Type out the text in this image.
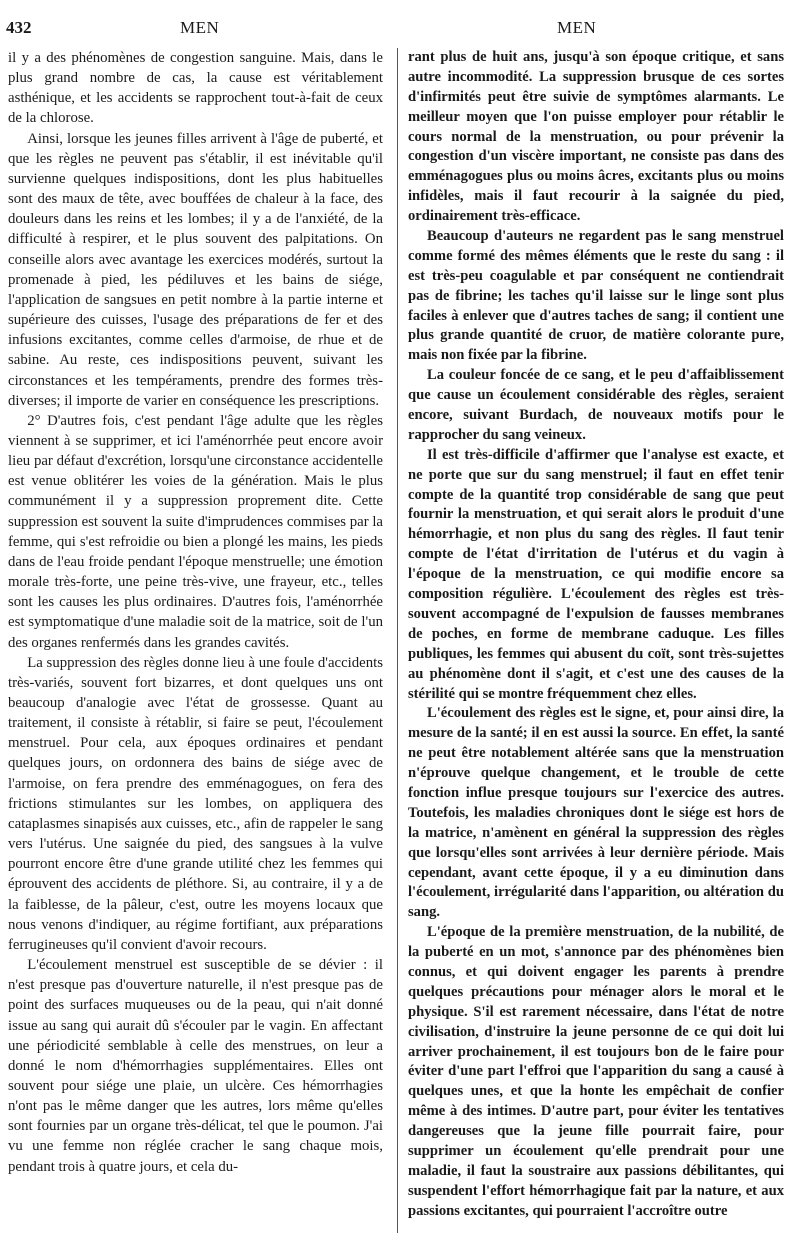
432	MEN	MEN

il y a des phénomènes de congestion sanguine. Mais, dans le plus grand nombre de cas, la cause est véritablement asthénique, et les accidents se rapprochent tout-à-fait de ceux de la chlorose.

Ainsi, lorsque les jeunes filles arrivent à l'âge de puberté, et que les règles ne peuvent pas s'établir, il est inévitable qu'il survienne quelques indispositions, dont les plus habituelles sont des maux de tête, avec bouffées de chaleur à la face, des douleurs dans les reins et les lombes; il y a de l'anxiété, de la difficulté à respirer, et le plus souvent des palpitations. On conseille alors avec avantage les exercices modérés, surtout la promenade à pied, les pédiluves et les bains de siége, l'application de sangsues en petit nombre à la partie interne et supérieure des cuisses, l'usage des préparations de fer et des infusions excitantes, comme celles d'armoise, de rhue et de sabine. Au reste, ces indispositions peuvent, suivant les circonstances et les tempéraments, prendre des formes très-diverses; il importe de varier en conséquence les prescriptions.

2° D'autres fois, c'est pendant l'âge adulte que les règles viennent à se supprimer, et ici l'aménorrhée peut encore avoir lieu par défaut d'excrétion, lorsqu'une circonstance accidentelle est venue oblitérer les voies de la génération. Mais le plus communément il y a suppression proprement dite. Cette suppression est souvent la suite d'imprudences commises par la femme, qui s'est refroidie ou bien a plongé les mains, les pieds dans de l'eau froide pendant l'époque menstruelle; une émotion morale très-forte, une peine très-vive, une frayeur, etc., telles sont les causes les plus ordinaires. D'autres fois, l'aménorrhée est symptomatique d'une maladie soit de la matrice, soit de l'un des organes renfermés dans les grandes cavités.

La suppression des règles donne lieu à une foule d'accidents très-variés, souvent fort bizarres, et dont quelques uns ont beaucoup d'analogie avec l'état de grossesse. Quant au traitement, il consiste à rétablir, si faire se peut, l'écoulement menstruel. Pour cela, aux époques ordinaires et pendant quelques jours, on ordonnera des bains de siége avec de l'armoise, on fera prendre des emménagogues, on fera des frictions stimulantes sur les lombes, on appliquera des cataplasmes sinapisés aux cuisses, etc., afin de rappeler le sang vers l'utérus. Une saignée du pied, des sangsues à la vulve pourront encore être d'une grande utilité chez les femmes qui éprouvent des accidents de pléthore. Si, au contraire, il y a de la faiblesse, de la pâleur, c'est, outre les moyens locaux que nous venons d'indiquer, au régime fortifiant, aux préparations ferrugineuses qu'il convient d'avoir recours.

L'écoulement menstruel est susceptible de se dévier : il n'est presque pas d'ouverture naturelle, il n'est presque pas de point des surfaces muqueuses ou de la peau, qui n'ait donné issue au sang qui aurait dû s'écouler par le vagin. En affectant une périodicité semblable à celle des menstrues, on leur a donné le nom d'hémorrhagies supplémentaires. Elles ont souvent pour siége une plaie, un ulcère. Ces hémorrhagies n'ont pas le même danger que les autres, lors même qu'elles sont fournies par un organe très-délicat, tel que le poumon. J'ai vu une femme non réglée cracher le sang chaque mois, pendant trois à quatre jours, et cela du-

rant plus de huit ans, jusqu'à son époque critique, et sans autre incommodité. La suppression brusque de ces sortes d'infirmités peut être suivie de symptômes alarmants. Le meilleur moyen que l'on puisse employer pour rétablir le cours normal de la menstruation, ou pour prévenir la congestion d'un viscère important, ne consiste pas dans des emménagogues plus ou moins âcres, excitants plus ou moins infidèles, mais il faut recourir à la saignée du pied, ordinairement très-efficace.

Beaucoup d'auteurs ne regardent pas le sang menstruel comme formé des mêmes éléments que le reste du sang : il est très-peu coagulable et par conséquent ne contiendrait pas de fibrine; les taches qu'il laisse sur le linge sont plus faciles à enlever que d'autres taches de sang; il contient une plus grande quantité de cruor, de matière colorante pure, mais non fixée par la fibrine.

La couleur foncée de ce sang, et le peu d'affaiblissement que cause un écoulement considérable des règles, seraient encore, suivant Burdach, de nouveaux motifs pour le rapprocher du sang veineux.

Il est très-difficile d'affirmer que l'analyse est exacte, et ne porte que sur du sang menstruel; il faut en effet tenir compte de la quantité trop considérable de sang que peut fournir la menstruation, et qui serait alors le produit d'une hémorrhagie, et non plus du sang des règles. Il faut tenir compte de l'état d'irritation de l'utérus et du vagin à l'époque de la menstruation, ce qui modifie encore sa composition régulière. L'écoulement des règles est très-souvent accompagné de l'expulsion de fausses membranes de poches, en forme de membrane caduque. Les filles publiques, les femmes qui abusent du coït, sont très-sujettes au phénomène dont il s'agit, et c'est une des causes de la stérilité qui se montre fréquemment chez elles.

L'écoulement des règles est le signe, et, pour ainsi dire, la mesure de la santé; il en est aussi la source. En effet, la santé ne peut être notablement altérée sans que la menstruation n'éprouve quelque changement, et le trouble de cette fonction influe presque toujours sur l'exercice des autres. Toutefois, les maladies chroniques dont le siége est hors de la matrice, n'amènent en général la suppression des règles que lorsqu'elles sont arrivées à leur dernière période. Mais cependant, avant cette époque, il y a eu diminution dans l'écoulement, irrégularité dans l'apparition, ou altération du sang.

L'époque de la première menstruation, de la nubilité, de la puberté en un mot, s'annonce par des phénomènes bien connus, et qui doivent engager les parents à prendre quelques précautions pour ménager alors le moral et le physique. S'il est rarement nécessaire, dans l'état de notre civilisation, d'instruire la jeune personne de ce qui doit lui arriver prochainement, il est toujours bon de le faire pour éviter d'une part l'effroi que l'apparition du sang a causé à quelques unes, et que la honte les empêchait de confier même à des intimes. D'autre part, pour éviter les tentatives dangereuses que la jeune fille pourrait faire, pour supprimer un écoulement qu'elle prendrait pour une maladie, il faut la soustraire aux passions débilitantes, qui suspendent l'effort hémorrhagique fait par la nature, et aux passions excitantes, qui pourraient l'accroître outre
